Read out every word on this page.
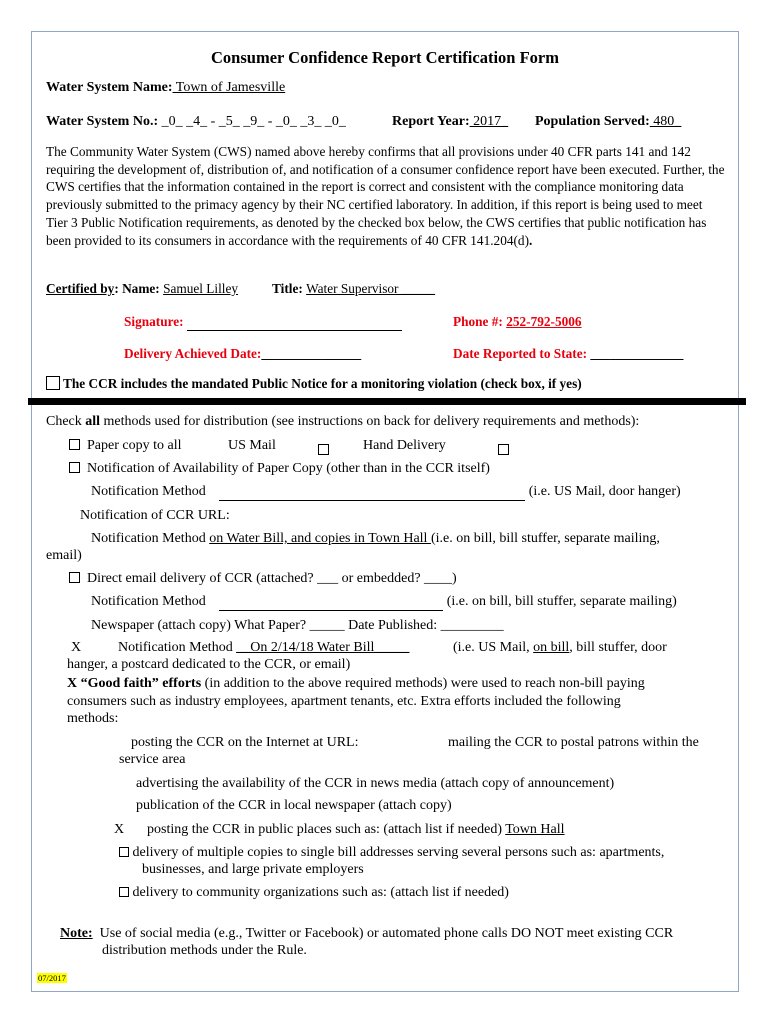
Consumer Confidence Report Certification Form
Water System Name: Town of Jamesville
Water System No.: _0_ _4_ - _5_ _9_ - _0_ _3_ _0_	Report Year: 2017_ Population Served: 480_
The Community Water System (CWS) named above hereby confirms that all provisions under 40 CFR parts 141 and 142 requiring the development of, distribution of, and notification of a consumer confidence report have been executed. Further, the CWS certifies that the information contained in the report is correct and consistent with the compliance monitoring data previously submitted to the primacy agency by their NC certified laboratory. In addition, if this report is being used to meet Tier 3 Public Notification requirements, as denoted by the checked box below, the CWS certifies that public notification has been provided to its consumers in accordance with the requirements of 40 CFR 141.204(d).
Certified by: Name: Samuel Lilley	Title: Water Supervisor _____
Signature:	Phone #: 252-792-5006
Delivery Achieved Date:_______________	Date Reported to State: ______________
The CCR includes the mandated Public Notice for a monitoring violation (check box, if yes)
Check all methods used for distribution (see instructions on back for delivery requirements and methods):
Paper copy to all	US Mail	Hand Delivery
Notification of Availability of Paper Copy (other than in the CCR itself)
Notification Method	(i.e. US Mail, door hanger)
Notification of CCR URL:
Notification Method on Water Bill, and copies in Town Hall (i.e. on bill, bill stuffer, separate mailing,
email)
Direct email delivery of CCR (attached? ___ or embedded? ____)
Notification Method	(i.e. on bill, bill stuffer, separate mailing)
Newspaper (attach copy) What Paper? _____ Date Published: _________
X	Notification Method __On 2/14/18 Water Bill_____	(i.e. US Mail, on bill, bill stuffer, door
hanger, a postcard dedicated to the CCR, or email)
X “Good faith” efforts (in addition to the above required methods) were used to reach non-bill paying
consumers such as industry employees, apartment tenants, etc. Extra efforts included the following
methods:
posting the CCR on the Internet at URL:	mailing the CCR to postal patrons within the
service area
advertising the availability of the CCR in news media (attach copy of announcement)
publication of the CCR in local newspaper (attach copy)
X posting the CCR in public places such as: (attach list if needed) Town Hall
delivery of multiple copies to single bill addresses serving several persons such as: apartments,
businesses, and large private employers
delivery to community organizations such as: (attach list if needed)
Note: Use of social media (e.g., Twitter or Facebook) or automated phone calls DO NOT meet existing CCR
distribution methods under the Rule.
07/2017
